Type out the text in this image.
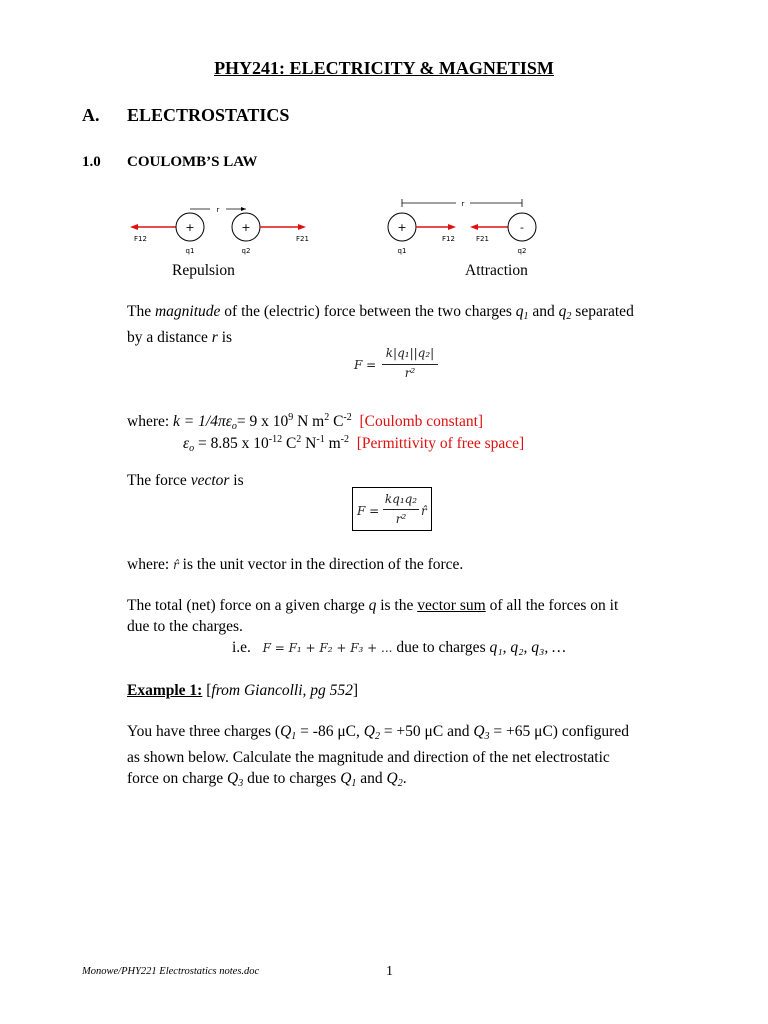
PHY241: ELECTRICITY & MAGNETISM
A. ELECTROSTATICS
1.0 COULOMB’S LAW
r
F12
+
q1
+
q2
F21
Repulsion
r
+
q1
F12	F21
-
q2
Attraction
The magnitude of the (electric) force between the two charges $q_1$ and $q_2$ separated
by a distance r is
F =
k|q₁||q₂|
r²
where: $k = 1/4\pi\varepsilon_o= 9$ x $10^9$ N $m^2$ $C^{-2}$ [Coulomb constant]
$\varepsilon_o = 8.85$ x $10^{-12}$ $C^2$ $N^{-1}$ $m^{-2}$ [Permittivity of free space]
The force vector is
F =
kq₁q₂
r²
r̂
where: r̂ is the unit vector in the direction of the force.
The total (net) force on a given charge q is the vector sum of all the forces on it
due to the charges.
i.e. F = F₁ + F₂ + F₃ + ... due to charges q₁, q₂, q₃, …
Example 1: [from Giancolli, pg 552]
You have three charges ($Q_1 = -86$ μC, $Q_2 = +50$ μC and $Q_3 = +65$ μC) configured
as shown below. Calculate the magnitude and direction of the net electrostatic
force on charge $Q_3$ due to charges $Q_1$ and $Q_2$.
Monowe/PHY221 Electrostatics notes.doc	1
